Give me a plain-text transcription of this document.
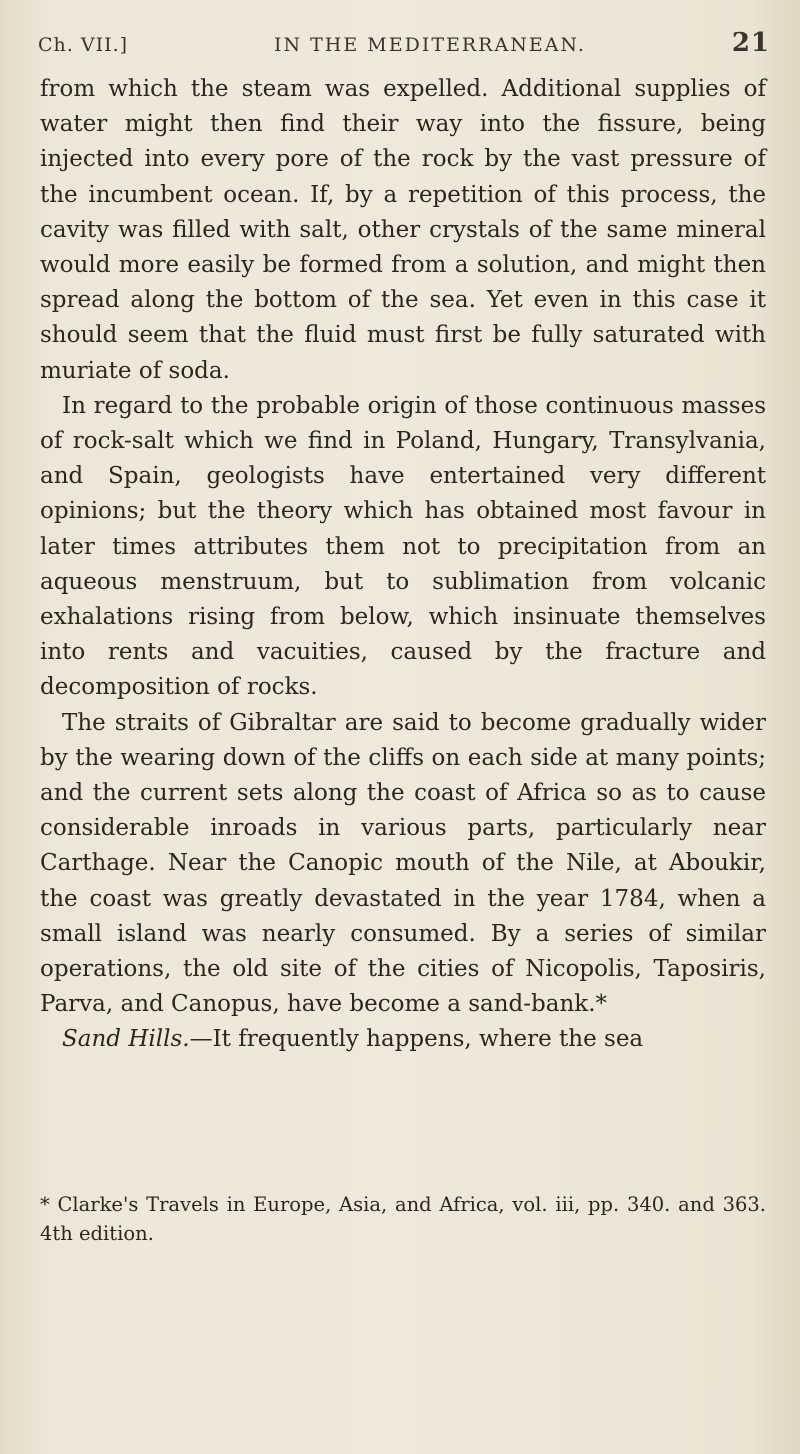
Ch. VII.]	IN THE MEDITERRANEAN.	21

from which the steam was expelled. Additional supplies of water might then find their way into the fissure, being injected into every pore of the rock by the vast pressure of the incumbent ocean. If, by a repetition of this process, the cavity was filled with salt, other crystals of the same mineral would more easily be formed from a solution, and might then spread along the bottom of the sea. Yet even in this case it should seem that the fluid must first be fully saturated with muriate of soda.

In regard to the probable origin of those continuous masses of rock-salt which we find in Poland, Hungary, Transylvania, and Spain, geologists have entertained very different opinions; but the theory which has obtained most favour in later times attributes them not to precipitation from an aqueous menstruum, but to sublimation from volcanic exhalations rising from below, which insinuate themselves into rents and vacuities, caused by the fracture and decomposition of rocks.

The straits of Gibraltar are said to become gradually wider by the wearing down of the cliffs on each side at many points; and the current sets along the coast of Africa so as to cause considerable inroads in various parts, particularly near Carthage. Near the Canopic mouth of the Nile, at Aboukir, the coast was greatly devastated in the year 1784, when a small island was nearly consumed. By a series of similar operations, the old site of the cities of Nicopolis, Taposiris, Parva, and Canopus, have become a sand-bank.*

Sand Hills.—It frequently happens, where the sea

* Clarke's Travels in Europe, Asia, and Africa, vol. iii, pp. 340. and 363. 4th edition.
